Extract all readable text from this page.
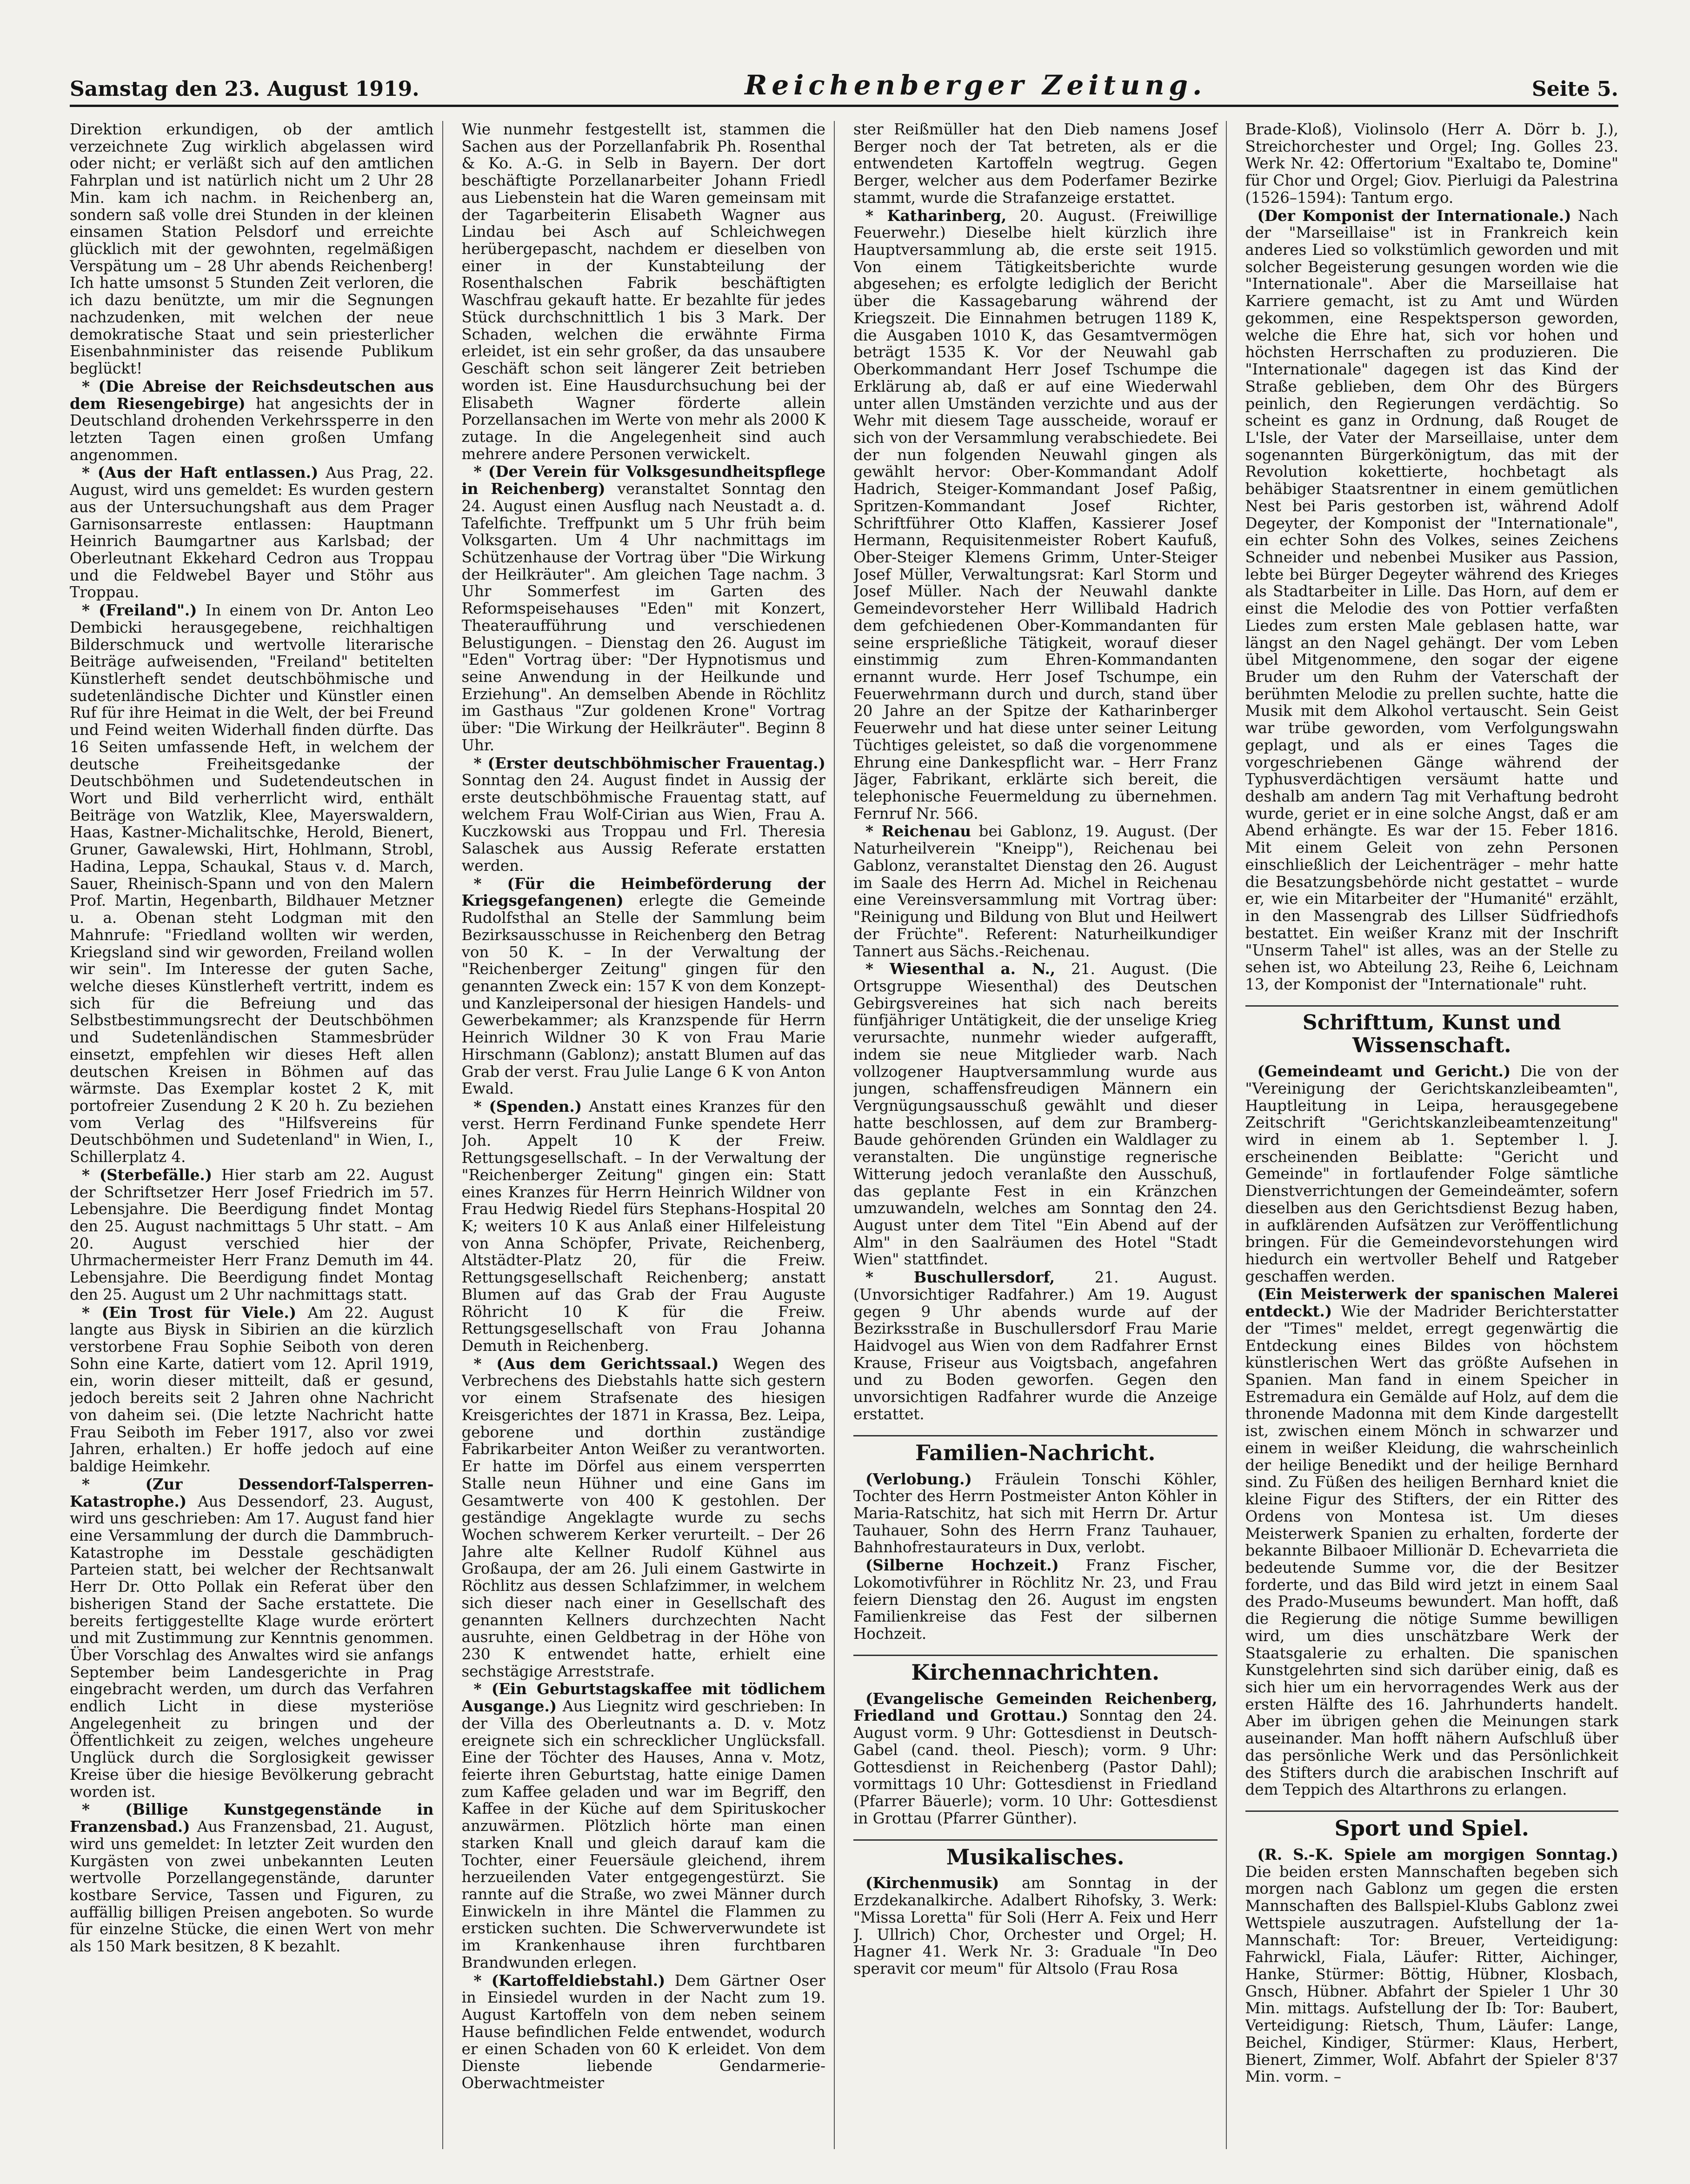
Samstag den 23. August 1919.	Reichenberger Zeitung.	Seite 5.

Direktion erkundigen, ob der amtlich verzeichnete Zug wirklich abgelassen wird oder nicht; er verläßt sich auf den amtlichen Fahrplan und ist natürlich nicht um 2 Uhr 28 Min. kam ich nachm. in Reichenberg an, sondern saß volle drei Stunden in der kleinen einsamen Station Pelsdorf und erreichte glücklich mit der gewohnten, regelmäßigen Verspätung um – 28 Uhr abends Reichenberg! Ich hatte umsonst 5 Stunden Zeit verloren, die ich dazu benützte, um mir die Segnungen nachzudenken, mit welchen der neue demokratische Staat und sein priesterlicher Eisenbahnminister das reisende Publikum beglückt!

* (Die Abreise der Reichsdeutschen aus dem Riesengebirge) hat angesichts der in Deutschland drohenden Verkehrssperre in den letzten Tagen einen großen Umfang angenommen.

* (Aus der Haft entlassen.) Aus Prag, 22. August, wird uns gemeldet: Es wurden gestern aus der Untersuchungshaft aus dem Prager Garnisonsarreste entlassen: Hauptmann Heinrich Baumgartner aus Karlsbad; der Oberleutnant Ekkehard Cedron aus Troppau und die Feldwebel Bayer und Stöhr aus Troppau.

* (Freiland".) In einem von Dr. Anton Leo Dembicki herausgegebene, reichhaltigen Bilderschmuck und wertvolle literarische Beiträge aufweisenden, "Freiland" betitelten Künstlerheft sendet deutschböhmische und sudetenländische Dichter und Künstler einen Ruf für ihre Heimat in die Welt, der bei Freund und Feind weiten Widerhall finden dürfte. Das 16 Seiten umfassende Heft, in welchem der deutsche Freiheitsgedanke der Deutschböhmen und Sudetendeutschen in Wort und Bild verherrlicht wird, enthält Beiträge von Watzlik, Klee, Mayerswaldern, Haas, Kastner-Michalitschke, Herold, Bienert, Gruner, Gawalewski, Hirt, Hohlmann, Strobl, Hadina, Leppa, Schaukal, Staus v. d. March, Sauer, Rheinisch-Spann und von den Malern Prof. Martin, Hegenbarth, Bildhauer Metzner u. a. Obenan steht Lodgman mit den Mahnrufe: "Friedland wollten wir werden, Kriegsland sind wir geworden, Freiland wollen wir sein". Im Interesse der guten Sache, welche dieses Künstlerheft vertritt, indem es sich für die Befreiung und das Selbstbestimmungsrecht der Deutschböhmen und Sudetenländischen Stammesbrüder einsetzt, empfehlen wir dieses Heft allen deutschen Kreisen in Böhmen auf das wärmste. Das Exemplar kostet 2 K, mit portofreier Zusendung 2 K 20 h. Zu beziehen vom Verlag des "Hilfsvereins für Deutschböhmen und Sudetenland" in Wien, I., Schillerplatz 4.

* (Sterbefälle.) Hier starb am 22. August der Schriftsetzer Herr Josef Friedrich im 57. Lebensjahre. Die Beerdigung findet Montag den 25. August nachmittags 5 Uhr statt. – Am 20. August verschied hier der Uhrmachermeister Herr Franz Demuth im 44. Lebensjahre. Die Beerdigung findet Montag den 25. August um 2 Uhr nachmittags statt.

* (Ein Trost für Viele.) Am 22. August langte aus Biysk in Sibirien an die kürzlich verstorbene Frau Sophie Seiboth von deren Sohn eine Karte, datiert vom 12. April 1919, ein, worin dieser mitteilt, daß er gesund, jedoch bereits seit 2 Jahren ohne Nachricht von daheim sei. (Die letzte Nachricht hatte Frau Seiboth im Feber 1917, also vor zwei Jahren, erhalten.) Er hoffe jedoch auf eine baldige Heimkehr.

* (Zur Dessendorf-Talsperren-Katastrophe.) Aus Dessendorf, 23. August, wird uns geschrieben: Am 17. August fand hier eine Versammlung der durch die Dammbruch-Katastrophe im Desstale geschädigten Parteien statt, bei welcher der Rechtsanwalt Herr Dr. Otto Pollak ein Referat über den bisherigen Stand der Sache erstattete. Die bereits fertiggestellte Klage wurde erörtert und mit Zustimmung zur Kenntnis genommen. Über Vorschlag des Anwaltes wird sie anfangs September beim Landesgerichte in Prag eingebracht werden, um durch das Verfahren endlich Licht in diese mysteriöse Angelegenheit zu bringen und der Öffentlichkeit zu zeigen, welches ungeheure Unglück durch die Sorglosigkeit gewisser Kreise über die hiesige Bevölkerung gebracht worden ist.

* (Billige Kunstgegenstände in Franzensbad.) Aus Franzensbad, 21. August, wird uns gemeldet: In letzter Zeit wurden den Kurgästen von zwei unbekannten Leuten wertvolle Porzellangegenstände, darunter kostbare Service, Tassen und Figuren, zu auffällig billigen Preisen angeboten. So wurde für einzelne Stücke, die einen Wert von mehr als 150 Mark besitzen, 8 K bezahlt.

Wie nunmehr festgestellt ist, stammen die Sachen aus der Porzellanfabrik Ph. Rosenthal & Ko. A.-G. in Selb in Bayern. Der dort beschäftigte Porzellanarbeiter Johann Friedl aus Liebenstein hat die Waren gemeinsam mit der Tagarbeiterin Elisabeth Wagner aus Lindau bei Asch auf Schleichwegen herübergepascht, nachdem er dieselben von einer in der Kunstabteilung der Rosenthalschen Fabrik beschäftigten Waschfrau gekauft hatte. Er bezahlte für jedes Stück durchschnittlich 1 bis 3 Mark. Der Schaden, welchen die erwähnte Firma erleidet, ist ein sehr großer, da das unsaubere Geschäft schon seit längerer Zeit betrieben worden ist. Eine Hausdurchsuchung bei der Elisabeth Wagner förderte allein Porzellansachen im Werte von mehr als 2000 K zutage. In die Angelegenheit sind auch mehrere andere Personen verwickelt.

* (Der Verein für Volksgesundheitspflege in Reichenberg) veranstaltet Sonntag den 24. August einen Ausflug nach Neustadt a. d. Tafelfichte. Treffpunkt um 5 Uhr früh beim Volksgarten. Um 4 Uhr nachmittags im Schützenhause der Vortrag über "Die Wirkung der Heilkräuter". Am gleichen Tage nachm. 3 Uhr Sommerfest im Garten des Reformspeisehauses "Eden" mit Konzert, Theateraufführung und verschiedenen Belustigungen. – Dienstag den 26. August im "Eden" Vortrag über: "Der Hypnotismus und seine Anwendung in der Heilkunde und Erziehung". An demselben Abende in Röchlitz im Gasthaus "Zur goldenen Krone" Vortrag über: "Die Wirkung der Heilkräuter". Beginn 8 Uhr.

* (Erster deutschböhmischer Frauentag.) Sonntag den 24. August findet in Aussig der erste deutschböhmische Frauentag statt, auf welchem Frau Wolf-Cirian aus Wien, Frau A. Kuczkowski aus Troppau und Frl. Theresia Salaschek aus Aussig Referate erstatten werden.

* (Für die Heimbeförderung der Kriegsgefangenen) erlegte die Gemeinde Rudolfsthal an Stelle der Sammlung beim Bezirksausschusse in Reichenberg den Betrag von 50 K. – In der Verwaltung der "Reichenberger Zeitung" gingen für den genannten Zweck ein: 157 K von dem Konzept- und Kanzleipersonal der hiesigen Handels- und Gewerbekammer; als Kranzspende für Herrn Heinrich Wildner 30 K von Frau Marie Hirschmann (Gablonz); anstatt Blumen auf das Grab der verst. Frau Julie Lange 6 K von Anton Ewald.

* (Spenden.) Anstatt eines Kranzes für den verst. Herrn Ferdinand Funke spendete Herr Joh. Appelt 10 K der Freiw. Rettungsgesellschaft. – In der Verwaltung der "Reichenberger Zeitung" gingen ein: Statt eines Kranzes für Herrn Heinrich Wildner von Frau Hedwig Riedel fürs Stephans-Hospital 20 K; weiters 10 K aus Anlaß einer Hilfeleistung von Anna Schöpfer, Private, Reichenberg, Altstädter-Platz 20, für die Freiw. Rettungsgesellschaft Reichenberg; anstatt Blumen auf das Grab der Frau Auguste Röhricht 10 K für die Freiw. Rettungsgesellschaft von Frau Johanna Demuth in Reichenberg.

* (Aus dem Gerichtssaal.) Wegen des Verbrechens des Diebstahls hatte sich gestern vor einem Strafsenate des hiesigen Kreisgerichtes der 1871 in Krassa, Bez. Leipa, geborene und dorthin zuständige Fabrikarbeiter Anton Weißer zu verantworten. Er hatte im Dörfel aus einem versperrten Stalle neun Hühner und eine Gans im Gesamtwerte von 400 K gestohlen. Der geständige Angeklagte wurde zu sechs Wochen schwerem Kerker verurteilt. – Der 26 Jahre alte Kellner Rudolf Kühnel aus Großaupa, der am 26. Juli einem Gastwirte in Röchlitz aus dessen Schlafzimmer, in welchem sich dieser nach einer in Gesellschaft des genannten Kellners durchzechten Nacht ausruhte, einen Geldbetrag in der Höhe von 230 K entwendet hatte, erhielt eine sechstägige Arreststrafe.

* (Ein Geburtstagskaffee mit tödlichem Ausgange.) Aus Liegnitz wird geschrieben: In der Villa des Oberleutnants a. D. v. Motz ereignete sich ein schrecklicher Unglücksfall. Eine der Töchter des Hauses, Anna v. Motz, feierte ihren Geburtstag, hatte einige Damen zum Kaffee geladen und war im Begriff, den Kaffee in der Küche auf dem Spirituskocher anzuwärmen. Plötzlich hörte man einen starken Knall und gleich darauf kam die Tochter, einer Feuersäule gleichend, ihrem herzueilenden Vater entgegengestürzt. Sie rannte auf die Straße, wo zwei Männer durch Einwickeln in ihre Mäntel die Flammen zu ersticken suchten. Die Schwerverwundete ist im Krankenhause ihren furchtbaren Brandwunden erlegen.

* (Kartoffeldiebstahl.) Dem Gärtner Oser in Einsiedel wurden in der Nacht zum 19. August Kartoffeln von dem neben seinem Hause befindlichen Felde entwendet, wodurch er einen Schaden von 60 K erleidet. Von dem Dienste liebende Gendarmerie-Oberwachtmeister

ster Reißmüller hat den Dieb namens Josef Berger noch der Tat betreten, als er die entwendeten Kartoffeln wegtrug. Gegen Berger, welcher aus dem Poderfamer Bezirke stammt, wurde die Strafanzeige erstattet.

* Katharinberg, 20. August. (Freiwillige Feuerwehr.) Dieselbe hielt kürzlich ihre Hauptversammlung ab, die erste seit 1915. Von einem Tätigkeitsberichte wurde abgesehen; es erfolgte lediglich der Bericht über die Kassagebarung während der Kriegszeit. Die Einnahmen betrugen 1189 K, die Ausgaben 1010 K, das Gesamtvermögen beträgt 1535 K. Vor der Neuwahl gab Oberkommandant Herr Josef Tschumpe die Erklärung ab, daß er auf eine Wiederwahl unter allen Umständen verzichte und aus der Wehr mit diesem Tage ausscheide, worauf er sich von der Versammlung verabschiedete. Bei der nun folgenden Neuwahl gingen als gewählt hervor: Ober-Kommandant Adolf Hadrich, Steiger-Kommandant Josef Paßig, Spritzen-Kommandant Josef Richter, Schriftführer Otto Klaffen, Kassierer Josef Hermann, Requisitenmeister Robert Kaufuß, Ober-Steiger Klemens Grimm, Unter-Steiger Josef Müller, Verwaltungsrat: Karl Storm und Josef Müller. Nach der Neuwahl dankte Gemeindevorsteher Herr Willibald Hadrich dem gefchiedenen Ober-Kommandanten für seine ersprießliche Tätigkeit, worauf dieser einstimmig zum Ehren-Kommandanten ernannt wurde. Herr Josef Tschumpe, ein Feuerwehrmann durch und durch, stand über 20 Jahre an der Spitze der Katharinberger Feuerwehr und hat diese unter seiner Leitung Tüchtiges geleistet, so daß die vorgenommene Ehrung eine Dankespflicht war. – Herr Franz Jäger, Fabrikant, erklärte sich bereit, die telephonische Feuermeldung zu übernehmen. Fernruf Nr. 566.

* Reichenau bei Gablonz, 19. August. (Der Naturheilverein "Kneipp"), Reichenau bei Gablonz, veranstaltet Dienstag den 26. August im Saale des Herrn Ad. Michel in Reichenau eine Vereinsversammlung mit Vortrag über: "Reinigung und Bildung von Blut und Heilwert der Früchte". Referent: Naturheilkundiger Tannert aus Sächs.-Reichenau.

* Wiesenthal a. N., 21. August. (Die Ortsgruppe Wiesenthal) des Deutschen Gebirgsvereines hat sich nach bereits fünfjähriger Untätigkeit, die der unselige Krieg verursachte, nunmehr wieder aufgerafft, indem sie neue Mitglieder warb. Nach vollzogener Hauptversammlung wurde aus jungen, schaffensfreudigen Männern ein Vergnügungsausschuß gewählt und dieser hatte beschlossen, auf dem zur Bramberg-Baude gehörenden Gründen ein Waldlager zu veranstalten. Die ungünstige regnerische Witterung jedoch veranlaßte den Ausschuß, das geplante Fest in ein Kränzchen umzuwandeln, welches am Sonntag den 24. August unter dem Titel "Ein Abend auf der Alm" in den Saalräumen des Hotel "Stadt Wien" stattfindet.

* Buschullersdorf,	21. August. (Unvorsichtiger Radfahrer.) Am 19. August gegen 9 Uhr abends wurde auf der Bezirksstraße in Buschullersdorf Frau Marie Haidvogel aus Wien von dem Radfahrer Ernst Krause, Friseur aus Voigtsbach, angefahren und zu Boden geworfen. Gegen den unvorsichtigen Radfahrer wurde die Anzeige erstattet.

Familien-Nachricht.

(Verlobung.) Fräulein Tonschi Köhler, Tochter des Herrn Postmeister Anton Köhler in Maria-Ratschitz, hat sich mit Herrn Dr. Artur Tauhauer, Sohn des Herrn Franz Tauhauer, Bahnhofrestaurateurs in Dux, verlobt.

(Silberne Hochzeit.) Franz Fischer, Lokomotivführer in Röchlitz Nr. 23, und Frau feiern Dienstag den 26. August im engsten Familienkreise das Fest der silbernen Hochzeit.

Kirchennachrichten.

(Evangelische Gemeinden Reichenberg, Friedland und Grottau.) Sonntag den 24. August vorm. 9 Uhr: Gottesdienst in Deutsch-Gabel (cand. theol. Piesch); vorm. 9 Uhr: Gottesdienst in Reichenberg (Pastor Dahl); vormittags 10 Uhr: Gottesdienst in Friedland (Pfarrer Bäuerle); vorm. 10 Uhr: Gottesdienst in Grottau (Pfarrer Günther).

Musikalisches.

(Kirchenmusik) am Sonntag in der Erzdekanalkirche. Adalbert Rihofsky, 3. Werk: "Missa Loretta" für Soli (Herr A. Feix und Herr J. Ullrich) Chor, Orchester und Orgel; H. Hagner 41. Werk Nr. 3: Graduale "In Deo speravit cor meum" für Altsolo (Frau Rosa

Brade-Kloß), Violinsolo (Herr A. Dörr b. J.), Streichorchester und Orgel; Ing. Golles 23. Werk Nr. 42: Offertorium "Exaltabo te, Domine" für Chor und Orgel; Giov. Pierluigi da Palestrina (1526–1594): Tantum ergo.

(Der Komponist der Internationale.) Nach der "Marseillaise" ist in Frankreich kein anderes Lied so volkstümlich geworden und mit solcher Begeisterung gesungen worden wie die "Internationale". Aber die Marseillaise hat Karriere gemacht, ist zu Amt und Würden gekommen, eine Respektsperson geworden, welche die Ehre hat, sich vor hohen und höchsten Herrschaften zu produzieren. Die "Internationale" dagegen ist das Kind der Straße geblieben, dem Ohr des Bürgers peinlich, den Regierungen verdächtig. So scheint es ganz in Ordnung, daß Rouget de L'Isle, der Vater der Marseillaise, unter dem sogenannten Bürgerkönigtum, das mit der Revolution kokettierte, hochbetagt als behäbiger Staatsrentner in einem gemütlichen Nest bei Paris gestorben ist, während Adolf Degeyter, der Komponist der "Internationale", ein echter Sohn des Volkes, seines Zeichens Schneider und nebenbei Musiker aus Passion, lebte bei Bürger Degeyter während des Krieges als Stadtarbeiter in Lille. Das Horn, auf dem er einst die Melodie des von Pottier verfaßten Liedes zum ersten Male geblasen hatte, war längst an den Nagel gehängt. Der vom Leben übel Mitgenommene, den sogar der eigene Bruder um den Ruhm der Vaterschaft der berühmten Melodie zu prellen suchte, hatte die Musik mit dem Alkohol vertauscht. Sein Geist war trübe geworden, vom Verfolgungswahn geplagt, und als er eines Tages die vorgeschriebenen Gänge während der Typhusverdächtigen versäumt hatte und deshalb am andern Tag mit Verhaftung bedroht wurde, geriet er in eine solche Angst, daß er am Abend erhängte. Es war der 15. Feber 1816. Mit einem Geleit von zehn Personen einschließlich der Leichenträger – mehr hatte die Besatzungsbehörde nicht gestattet – wurde er, wie ein Mitarbeiter der "Humanité" erzählt, in den Massengrab des Lillser Südfriedhofs bestattet. Ein weißer Kranz mit der Inschrift "Unserm Tahel" ist alles, was an der Stelle zu sehen ist, wo Abteilung 23, Reihe 6, Leichnam 13, der Komponist der "Internationale" ruht.

Schrifttum, Kunst und Wissenschaft.

(Gemeindeamt und Gericht.) Die von der "Vereinigung der Gerichtskanzleibeamten", Hauptleitung in Leipa, herausgegebene Zeitschrift "Gerichtskanzleibeamtenzeitung" wird in einem ab 1. September l. J. erscheinenden Beiblatte: "Gericht und Gemeinde" in fortlaufender Folge sämtliche Dienstverrichtungen der Gemeindeämter, sofern dieselben aus den Gerichtsdienst Bezug haben, in aufklärenden Aufsätzen zur Veröffentlichung bringen. Für die Gemeindevorstehungen wird hiedurch ein wertvoller Behelf und Ratgeber geschaffen werden.

(Ein Meisterwerk der spanischen Malerei entdeckt.) Wie der Madrider Berichterstatter der "Times" meldet, erregt gegenwärtig die Entdeckung eines Bildes von höchstem künstlerischen Wert das größte Aufsehen in Spanien. Man fand in einem Speicher in Estremadura ein Gemälde auf Holz, auf dem die thronende Madonna mit dem Kinde dargestellt ist, zwischen einem Mönch in schwarzer und einem in weißer Kleidung, die wahrscheinlich der heilige Benedikt und der heilige Bernhard sind. Zu Füßen des heiligen Bernhard kniet die kleine Figur des Stifters, der ein Ritter des Ordens von Montesa ist. Um dieses Meisterwerk Spanien zu erhalten, forderte der bekannte Bilbaoer Millionär D. Echevarrieta die bedeutende Summe vor, die der Besitzer forderte, und das Bild wird jetzt in einem Saal des Prado-Museums bewundert. Man hofft, daß die Regierung die nötige Summe bewilligen wird, um dies unschätzbare Werk der Staatsgalerie zu erhalten. Die spanischen Kunstgelehrten sind sich darüber einig, daß es sich hier um ein hervorragendes Werk aus der ersten Hälfte des 16. Jahrhunderts handelt. Aber im übrigen gehen die Meinungen stark auseinander. Man hofft nähern Aufschluß über das persönliche Werk und das Persönlichkeit des Stifters durch die arabischen Inschrift auf dem Teppich des Altarthrons zu erlangen.

Sport und Spiel.

(R. S.-K. Spiele am morgigen Sonntag.) Die beiden ersten Mannschaften begeben sich morgen nach Gablonz um gegen die ersten Mannschaften des Ballspiel-Klubs Gablonz zwei Wettspiele auszutragen. Aufstellung der 1a-Mannschaft: Tor: Breuer, Verteidigung: Fahrwickl, Fiala, Läufer: Ritter, Aichinger, Hanke, Stürmer: Böttig, Hübner, Klosbach, Gnsch, Hübner. Abfahrt der Spieler 1 Uhr 30 Min. mittags. Aufstellung der Ib: Tor: Baubert, Verteidigung: Rietsch, Thum, Läufer: Lange, Beichel, Kindiger, Stürmer: Klaus, Herbert, Bienert, Zimmer, Wolf. Abfahrt der Spieler 8'37 Min. vorm. –
